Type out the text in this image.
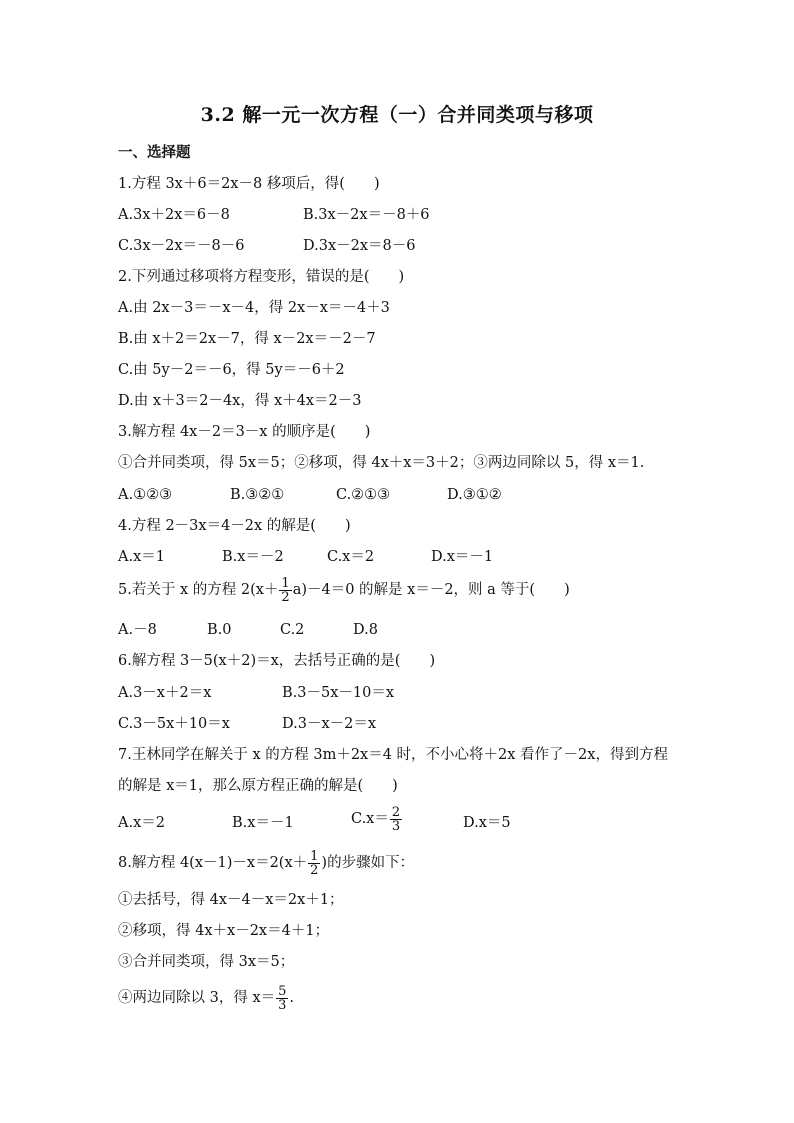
3.2 解一元一次方程（一）合并同类项与移项
一、选择题
1.方程 3x＋6＝2x－8 移项后，得(　　)
A.3x＋2x＝6－8	B.3x－2x＝－8＋6
C.3x－2x＝－8－6	D.3x－2x＝8－6
2.下列通过移项将方程变形，错误的是(　　)
A.由 2x－3＝－x－4，得 2x－x＝－4＋3
B.由 x＋2＝2x－7，得 x－2x＝－2－7
C.由 5y－2＝－6，得 5y＝－6＋2
D.由 x＋3＝2－4x，得 x＋4x＝2－3
3.解方程 4x－2＝3－x 的顺序是(　　)
①合并同类项，得 5x＝5；②移项，得 4x＋x＝3＋2；③两边同除以 5，得 x＝1.
A.①②③	B.③②①	C.②①③	D.③①②
4.方程 2－3x＝4－2x 的解是(　　)
A.x＝1	B.x＝－2	C.x＝2	D.x＝－1
5.若关于 x 的方程 $2(x+ \frac{1}{2} a)-4=0$ 的解是 x＝－2，则 a 等于(　　)
A.－8	B.0	C.2	D.8
6.解方程 3－5(x＋2)＝x，去括号正确的是(　　)
A.3－x＋2＝x	B.3－5x－10＝x
C.3－5x＋10＝x	D.3－x－2＝x
7.王林同学在解关于 x 的方程 3m＋2x＝4 时，不小心将＋2x 看作了－2x，得到方程
的解是 x＝1，那么原方程正确的解是(　　)
A.x＝2	B.x＝－1	$C.x= \frac{2}{3}$	D.x＝5
8.解方程 $4(x-1)-x=2(x+ \frac{1}{2}$ )的步骤如下：
①去括号，得 4x－4－x＝2x＋1；
②移项，得 4x＋x－2x＝4＋1；
③合并同类项，得 3x＝5；
④两边同除以 3，得 $x= \frac{5}{3}$ .
